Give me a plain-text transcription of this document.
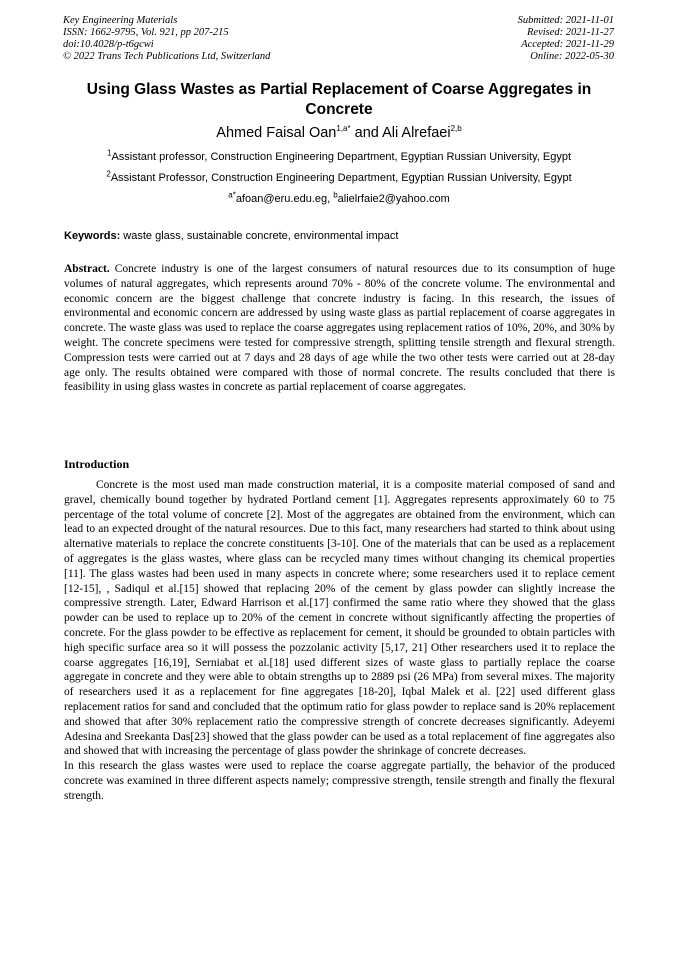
Key Engineering Materials
ISSN: 1662-9795, Vol. 921, pp 207-215
doi:10.4028/p-t6gcwi
© 2022 Trans Tech Publications Ltd, Switzerland
Submitted: 2021-11-01
Revised: 2021-11-27
Accepted: 2021-11-29
Online: 2022-05-30
Using Glass Wastes as Partial Replacement of Coarse Aggregates in Concrete
Ahmed Faisal Oan$^{1,a*}$ and Ali Alrefaei$^{2,b}$
$^1$Assistant professor, Construction Engineering Department, Egyptian Russian University, Egypt
$^2$Assistant Professor, Construction Engineering Department, Egyptian Russian University, Egypt
$^{a*}$afoan@eru.edu.eg, $^b$alielrfaie2@yahoo.com
Keywords: waste glass, sustainable concrete, environmental impact
Abstract. Concrete industry is one of the largest consumers of natural resources due to its consumption of huge volumes of natural aggregates, which represents around 70% - 80% of the concrete volume. The environmental and economic concern are the biggest challenge that concrete industry is facing. In this research, the issues of environmental and economic concern are addressed by using waste glass as partial replacement of coarse aggregates in concrete. The waste glass was used to replace the coarse aggregates using replacement ratios of 10%, 20%, and 30% by weight. The concrete specimens were tested for compressive strength, splitting tensile strength and flexural strength. Compression tests were carried out at 7 days and 28 days of age while the two other tests were carried out at 28-day age only. The results obtained were compared with those of normal concrete. The results concluded that there is feasibility in using glass wastes in concrete as partial replacement of coarse aggregates.
Introduction

Concrete is the most used man made construction material, it is a composite material composed of sand and gravel, chemically bound together by hydrated Portland cement [1]. Aggregates represents approximately 60 to 75 percentage of the total volume of concrete [2]. Most of the aggregates are obtained from the environment, which can lead to an expected drought of the natural resources. Due to this fact, many researchers had started to think about using alternative materials to replace the concrete constituents [3-10]. One of the materials that can be used as a replacement of aggregates is the glass wastes, where glass can be recycled many times without changing its chemical properties [11]. The glass wastes had been used in many aspects in concrete where; some researchers used it to replace cement [12-15], , Sadiqul et al.[15] showed that replacing 20% of the cement by glass powder can slightly increase the compressive strength. Later, Edward Harrison et al.[17] confirmed the same ratio where they showed that the glass powder can be used to replace up to 20% of the cement in concrete without significantly affecting the properties of concrete. For the glass powder to be effective as replacement for cement, it should be grounded to obtain particles with high specific surface area so it will possess the pozzolanic activity [5,17, 21] Other researchers used it to replace the coarse aggregates [16,19], Serniabat et al.[18] used different sizes of waste glass to partially replace the coarse aggregate in concrete and they were able to obtain strengths up to 2889 psi (26 MPa) from several mixes. The majority of researchers used it as a replacement for fine aggregates [18-20], Iqbal Malek et al. [22] used different glass replacement ratios for sand and concluded that the optimum ratio for glass powder to replace sand is 20% replacement and showed that after 30% replacement ratio the compressive strength of concrete decreases significantly. Adeyemi Adesina and Sreekanta Das[23] showed that the glass powder can be used as a total replacement of fine aggregates also and showed that with increasing the percentage of glass powder the shrinkage of concrete decreases.

In this research the glass wastes were used to replace the coarse aggregate partially, the behavior of the produced concrete was examined in three different aspects namely; compressive strength, tensile strength and finally the flexural strength.
